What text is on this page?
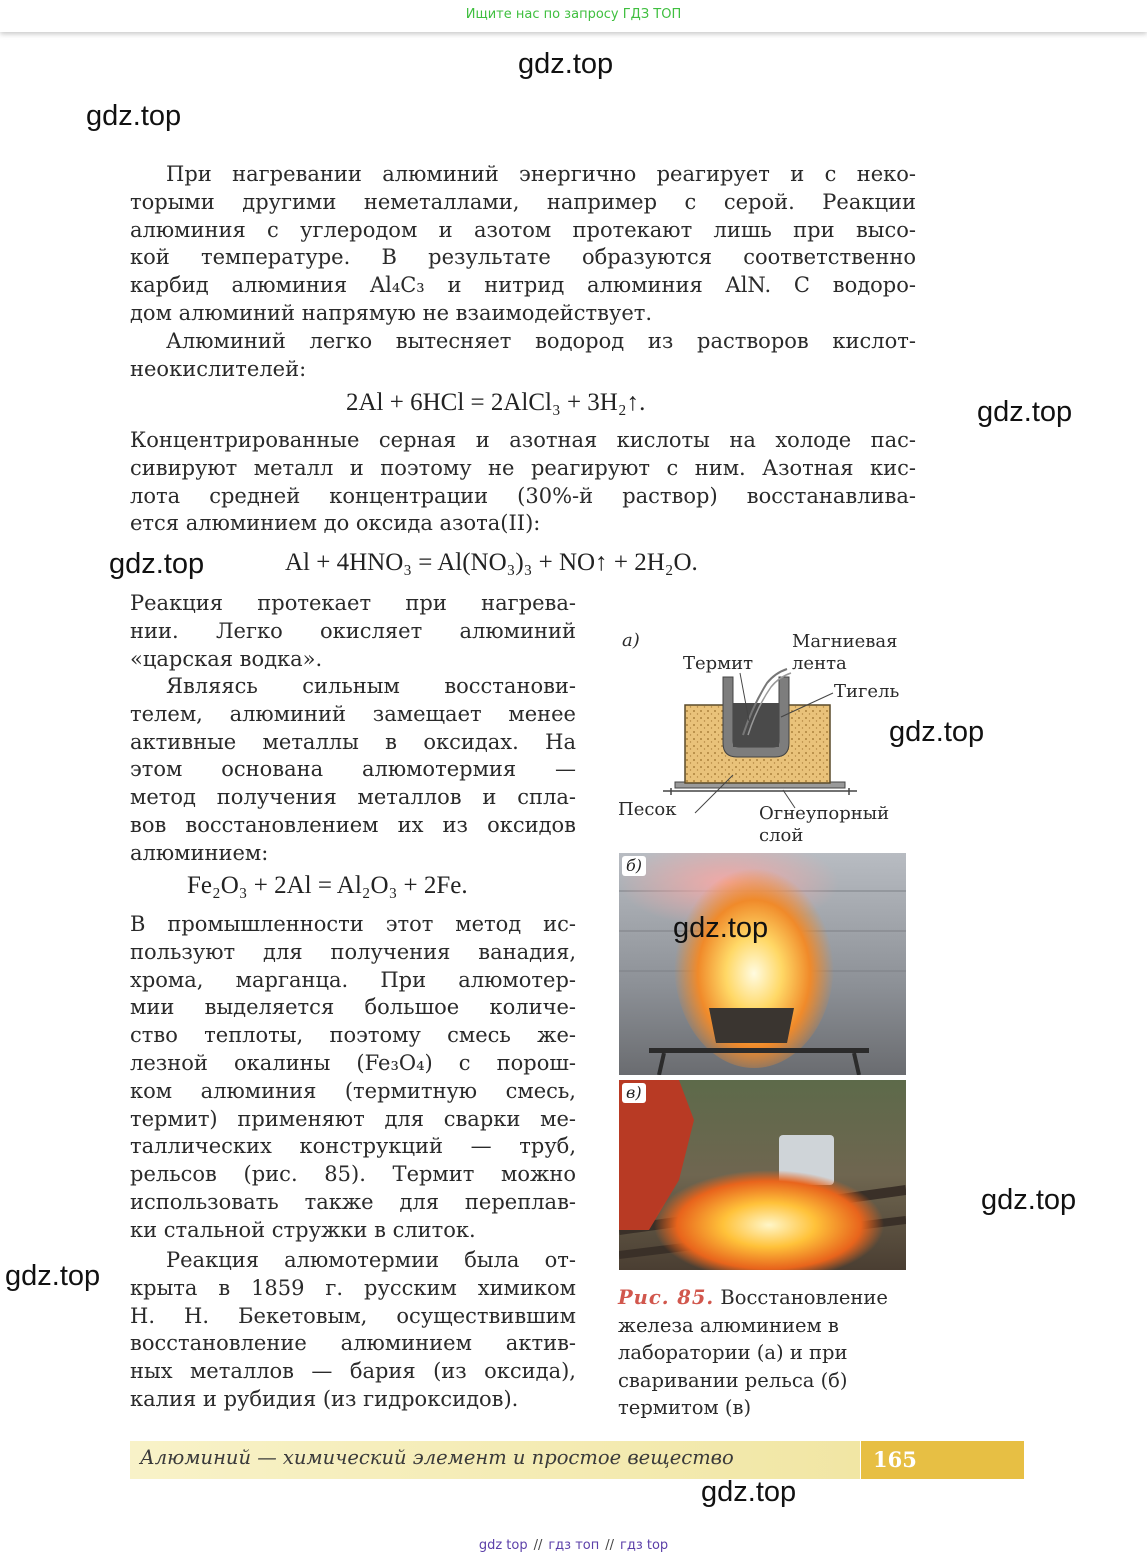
Ищите нас по запросу ГДЗ ТОП
gdz.top
gdz.top
gdz.top
gdz.top
gdz.top
gdz.top
gdz.top
gdz.top
gdz.top
При нагревании алюминий энергично реагирует и с неко-
торыми другими неметаллами, например с серой. Реакции
алюминия с углеродом и азотом протекают лишь при высо-
кой температуре. В результате образуются соответственно
карбид алюминия Al₄C₃ и нитрид алюминия AlN. С водоро-
дом алюминий напрямую не взаимодействует.
Алюминий легко вытесняет водород из растворов кислот-
неокислителей:
2Al + 6HCl = 2AlCl₃ + 3H₂↑.
Концентрированные серная и азотная кислоты на холоде пас-
сивируют металл и поэтому не реагируют с ним. Азотная кис-
лота средней концентрации (30%-й раствор) восстанавлива-
ется алюминием до оксида азота(II):
Al + 4HNO₃ = Al(NO₃)₃ + NO↑ + 2H₂O.
Реакция протекает при нагрева-
нии. Легко окисляет алюминий
«царская водка».
Являясь сильным восстанови-
телем, алюминий замещает менее
активные металлы в оксидах. На
этом основана алюмотермия —
метод получения металлов и спла-
вов восстановлением их из оксидов
алюминием:
Fe₂O₃ + 2Al = Al₂O₃ + 2Fe.
В промышленности этот метод ис-
пользуют для получения ванадия,
хрома, марганца. При алюмотер-
мии выделяется большое количе-
ство теплоты, поэтому смесь же-
лезной окалины (Fe₃O₄) с порош-
ком алюминия (термитную смесь,
термит) применяют для сварки ме-
таллических конструкций — труб,
рельсов (рис. 85). Термит можно
использовать также для переплав-
ки стальной стружки в слиток.
Реакция алюмотермии была от-
крыта в 1859 г. русским химиком
Н. Н. Бекетовым, осуществившим
восстановление алюминием актив-
ных металлов — бария (из оксида),
калия и рубидия (из гидроксидов).
а)
Термит
Магниевая
лента
Тигель
Песок	Огнеупорный
слой
б)
в)
Рис. 85. Восстановление железа алюминием в лаборатории (а) и при сваривании рельса (б) термитом (в)
Алюминий — химический элемент и простое вещество	165
gdz top // гдз топ // гдз top
